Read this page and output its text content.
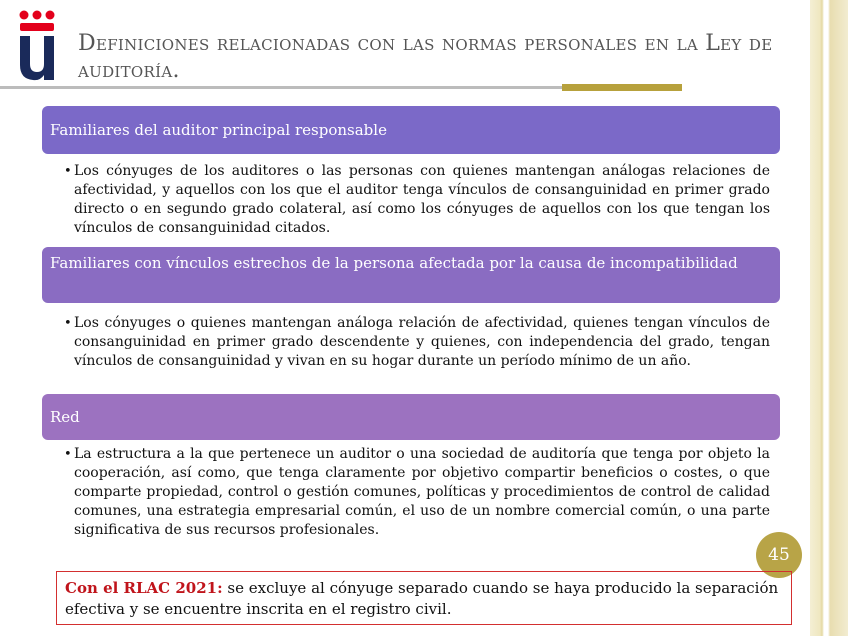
Definiciones relacionadas con las normas personales en la Ley de auditoría.
Familiares del auditor principal responsable
• Los cónyuges de los auditores o las personas con quienes mantengan análogas relaciones de afectividad, y aquellos con los que el auditor tenga vínculos de consanguinidad en primer grado directo o en segundo grado colateral, así como los cónyuges de aquellos con los que tengan los vínculos de consanguinidad citados.
Familiares con vínculos estrechos de la persona afectada por la causa de incompatibilidad
• Los cónyuges o quienes mantengan análoga relación de afectividad, quienes tengan vínculos de consanguinidad en primer grado descendente y quienes, con independencia del grado, tengan vínculos de consanguinidad y vivan en su hogar durante un período mínimo de un año.
Red
• La estructura a la que pertenece un auditor o una sociedad de auditoría que tenga por objeto la cooperación, así como, que tenga claramente por objetivo compartir beneficios o costes, o que comparte propiedad, control o gestión comunes, políticas y procedimientos de control de calidad comunes, una estrategia empresarial común, el uso de un nombre comercial común, o una parte significativa de sus recursos profesionales.
45
Con el RLAC 2021: se excluye al cónyuge separado cuando se haya producido la separación efectiva y se encuentre inscrita en el registro civil.
